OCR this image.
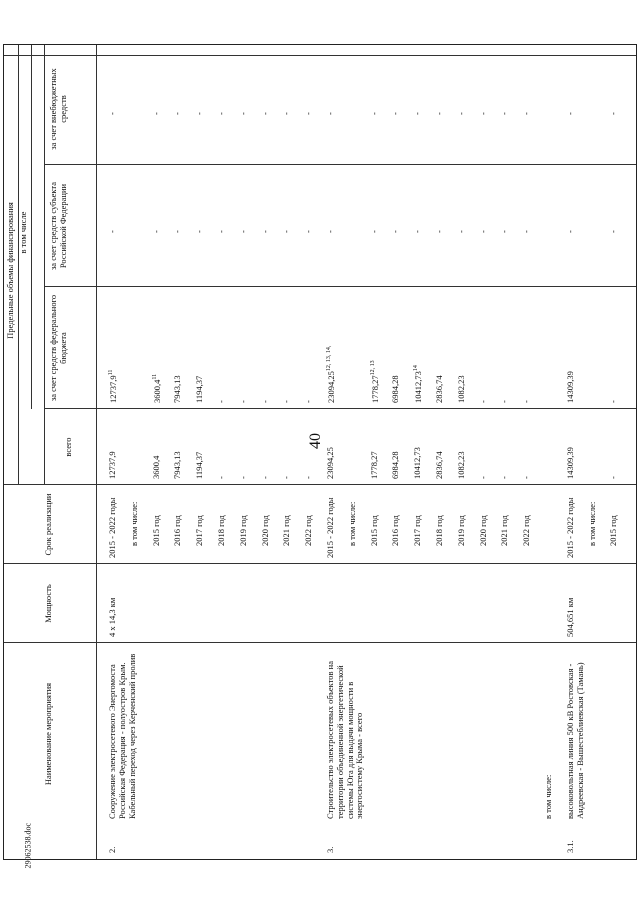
40
29062538.doc
Наименование мероприятия
Мощность
Срок реализации
Предельные объемы финансирования в том числе
всего
за счет средств федерального бюджета
за счет средств субъекта Российской Федерации
за счет внебюджетных средств
2.
Сооружение электросетевого Энергомоста Российская Федерация - полуостров Крым. Кабельный переход через Керченский пролив
4 x 14,3 км
2015 - 2022 годы
12737,9
12737,9$^{11}$
-
-
в том числе: 2015 год
3600,4
3600,4$^{11}$
-
-
2016 год
7943,13
7943,13
-
-
2017 год
1194,37
1194,37
-
-
2018 год
-
-
-
-
2019 год
-
-
-
-
2020 год
-
-
-
-
2021 год
-
-
-
-
2022 год
-
-
-
-
3.
Строительство электросетевых объектов на территории объединенной энергетической системы Юга для выдачи мощности в энергосистему Крыма - всего
2015 - 2022 годы
23094,25
$23094,25^{12, 13, 14,}$
-
-
в том числе: 2015 год
1778,27
1778,27$^{12, 13}$
-
-
2016 год
6984,28
6984,28
-
-
2017 год
10412,73
10412,73$^{14}$
-
-
2018 год
2836,74
2836,74
-
-
2019 год
1082,23
1082,23
-
-
2020 год
-
-
-
-
2021 год
-
-
-
-
2022 год
-
-
-
-
в том числе:
3.1.
высоковольтная линия 500 кВ Ростовская - Андреевская - Вышестеблиевская (Тамань)
504,651 км
2015 - 2022 годы
14309,39
14309,39
-
-
в том числе: 2015 год
-
-
-
-
